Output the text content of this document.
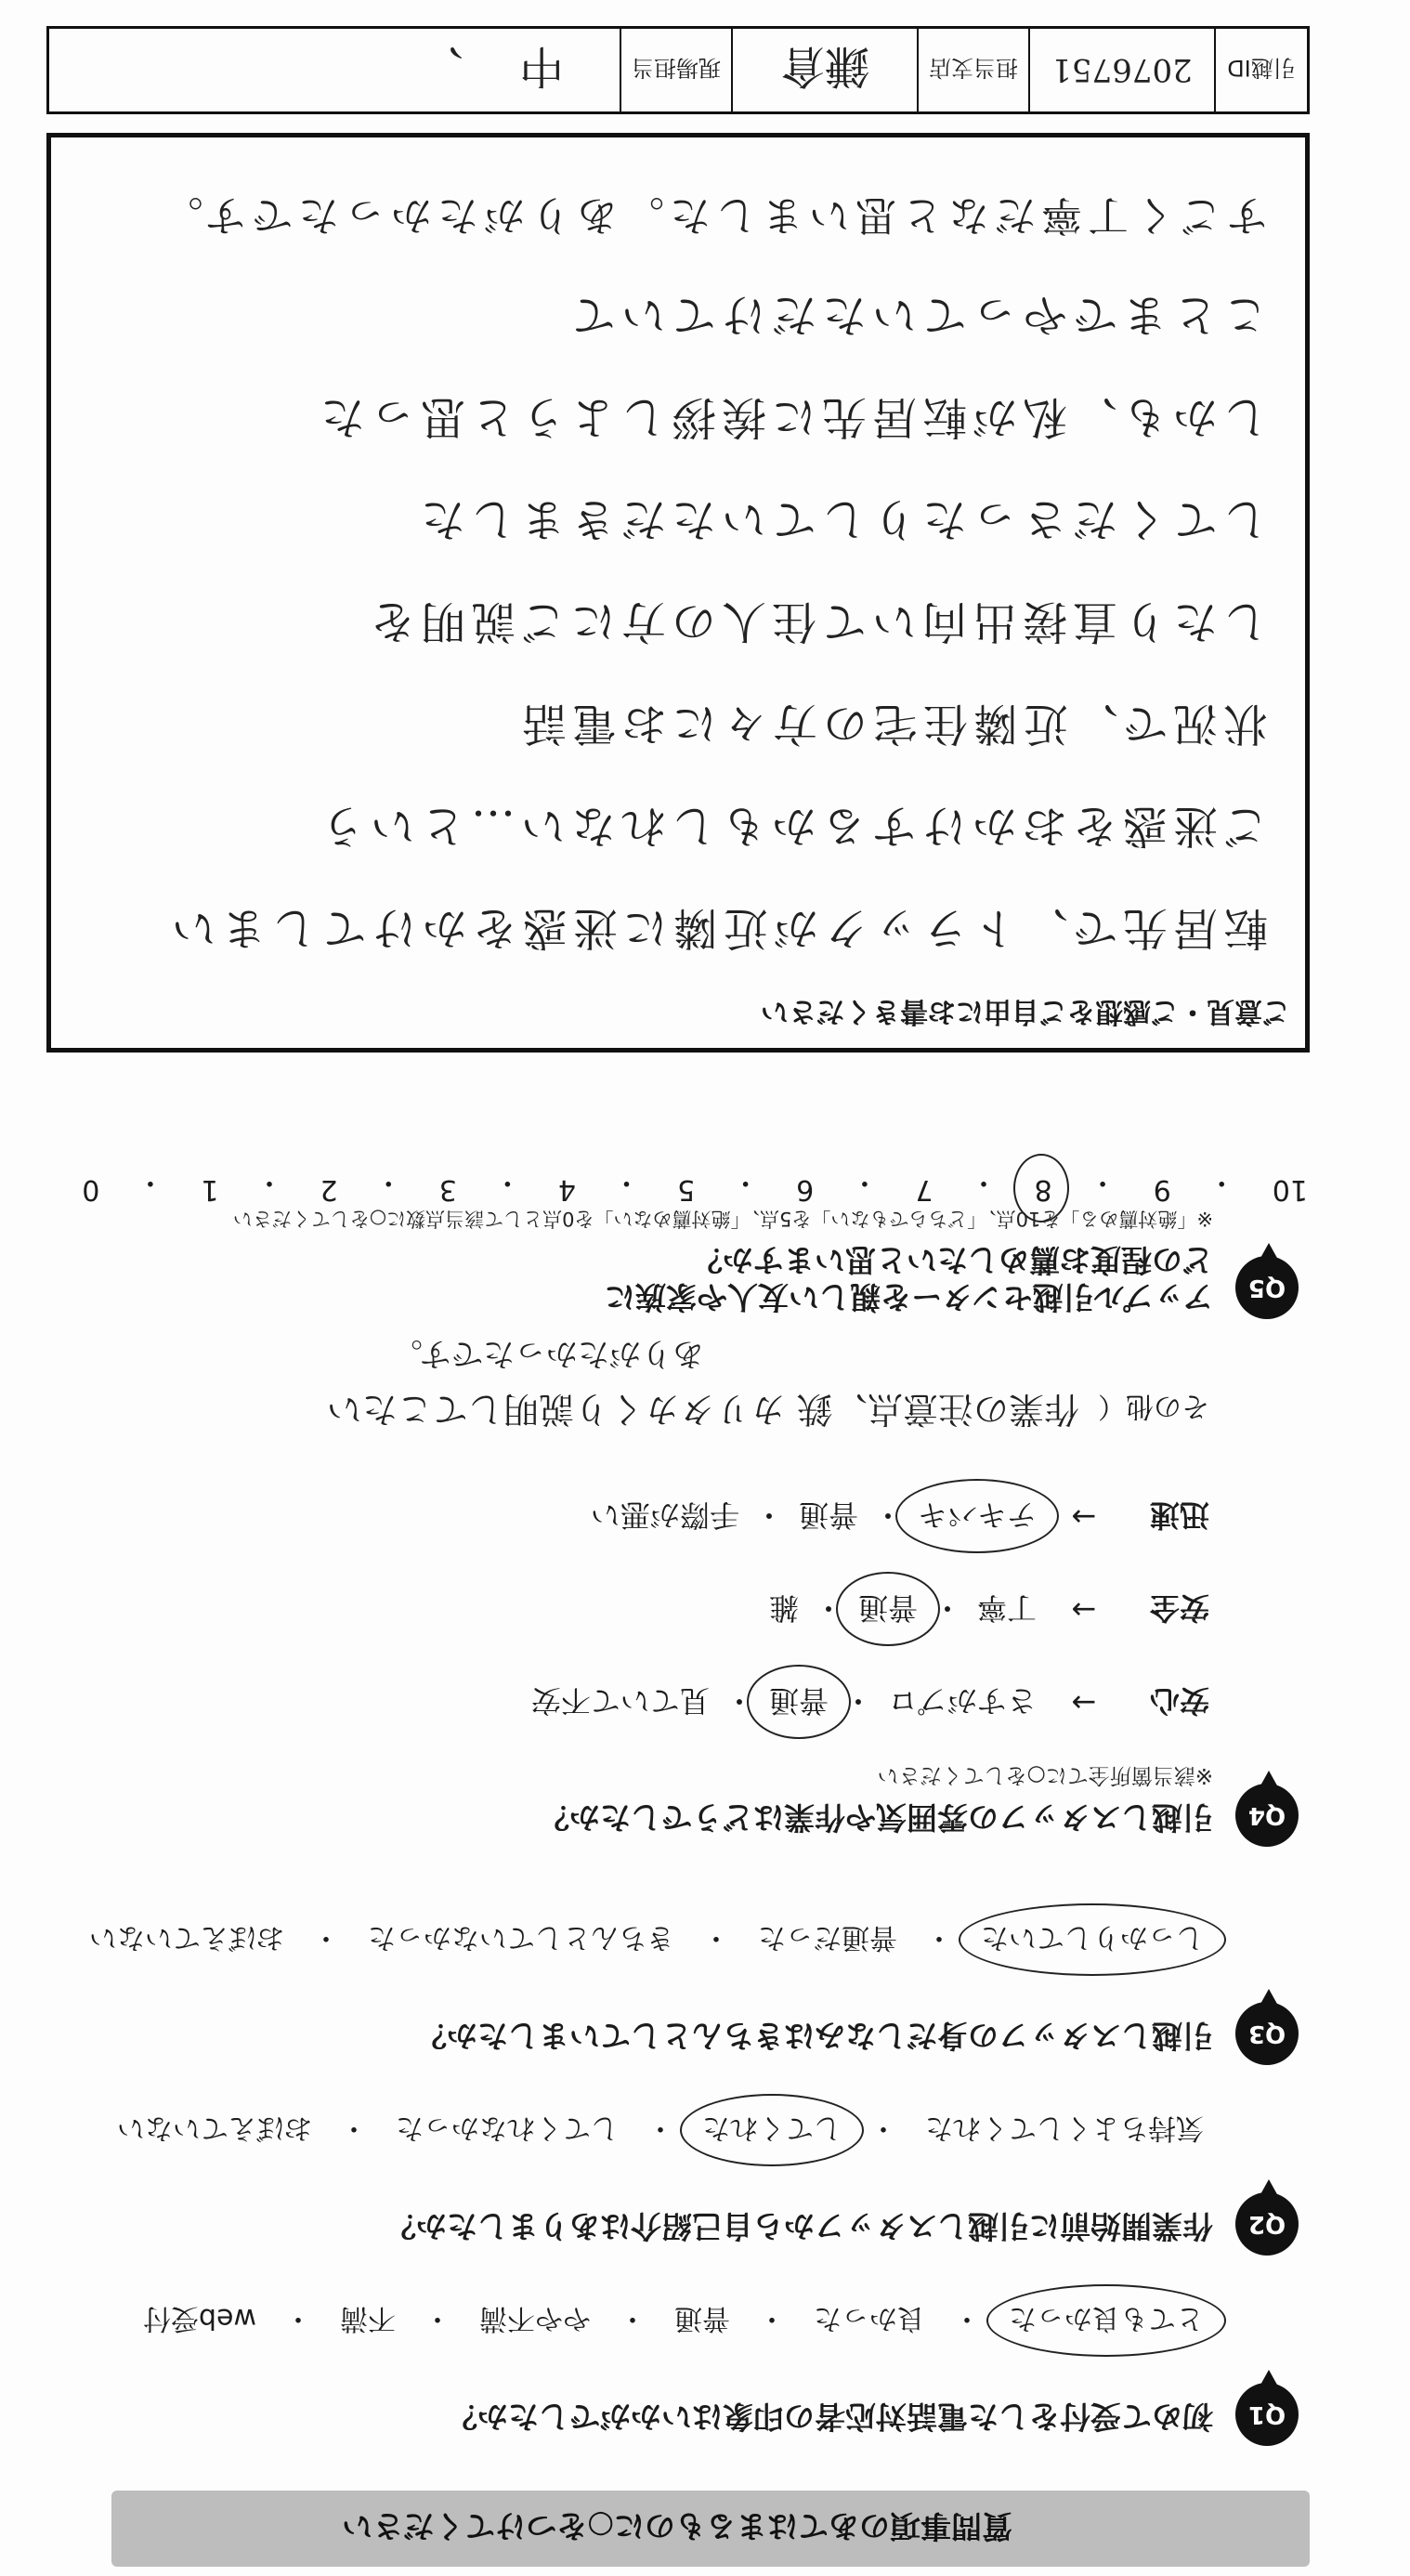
質問事項のあてはまるものに○をつけてください
Q1
初めて受付をした電話対応者の印象はいかがでしたか？
とても良かった
・
良かった
・
普通
・
やや不満
・
不満
・
web受付
Q2
作業開始前に引越しスタッフから自己紹介はありましたか？
気持ちよくしてくれた
・
してくれた
・
してくれなかった
・
おぼえていない
Q3
引越しスタッフの身だしなみはきちんとしていましたか？
しっかりしていた
・
普通だった
・
きちんとしていなかった
・
おぼえていない
Q4
引越しスタッフの雰囲気や作業はどうでしたか？
※該当箇所全てに○をしてください
安心
→
さすがプロ
・
普通
・
見ていて不安
安全
→
丁寧
・
普通
・
雑
迅速
→
テキパキ
・
普通
・
手際が悪い
その他（
作業の注意点、鉄 カリタカくり説明してこたい
ありがたかったです。
Q5
アップル引越センターを親しい友人や家族に
どの程度お薦めしたいと思いますか？
※「絶対薦める」を10点、「どちらでもない」を5点、「絶対薦めない」を0点として該当点数に○をしてください
10
・
9
・
8
・
7
・
6
・
5
・
4
・
3
・
2
・
1
・
0
ご意見・ご感想をご自由にお書きください
転居先で、トラックが近隣に迷惑をかけてしまい
ご迷惑をおかけするかもしれない…という
状況で、近隣住宅の方々にお電話
したり直接出向いて住人の方にご説明を
してくださったりしていただきました
しかも、私が転居先に挨拶しようと思った
ことまでやっていただけていて
すごく丁寧だなと思いました。ありがたかったです。
引越ID
2076751
担当支店
鎌倉
現場担当
中
、
